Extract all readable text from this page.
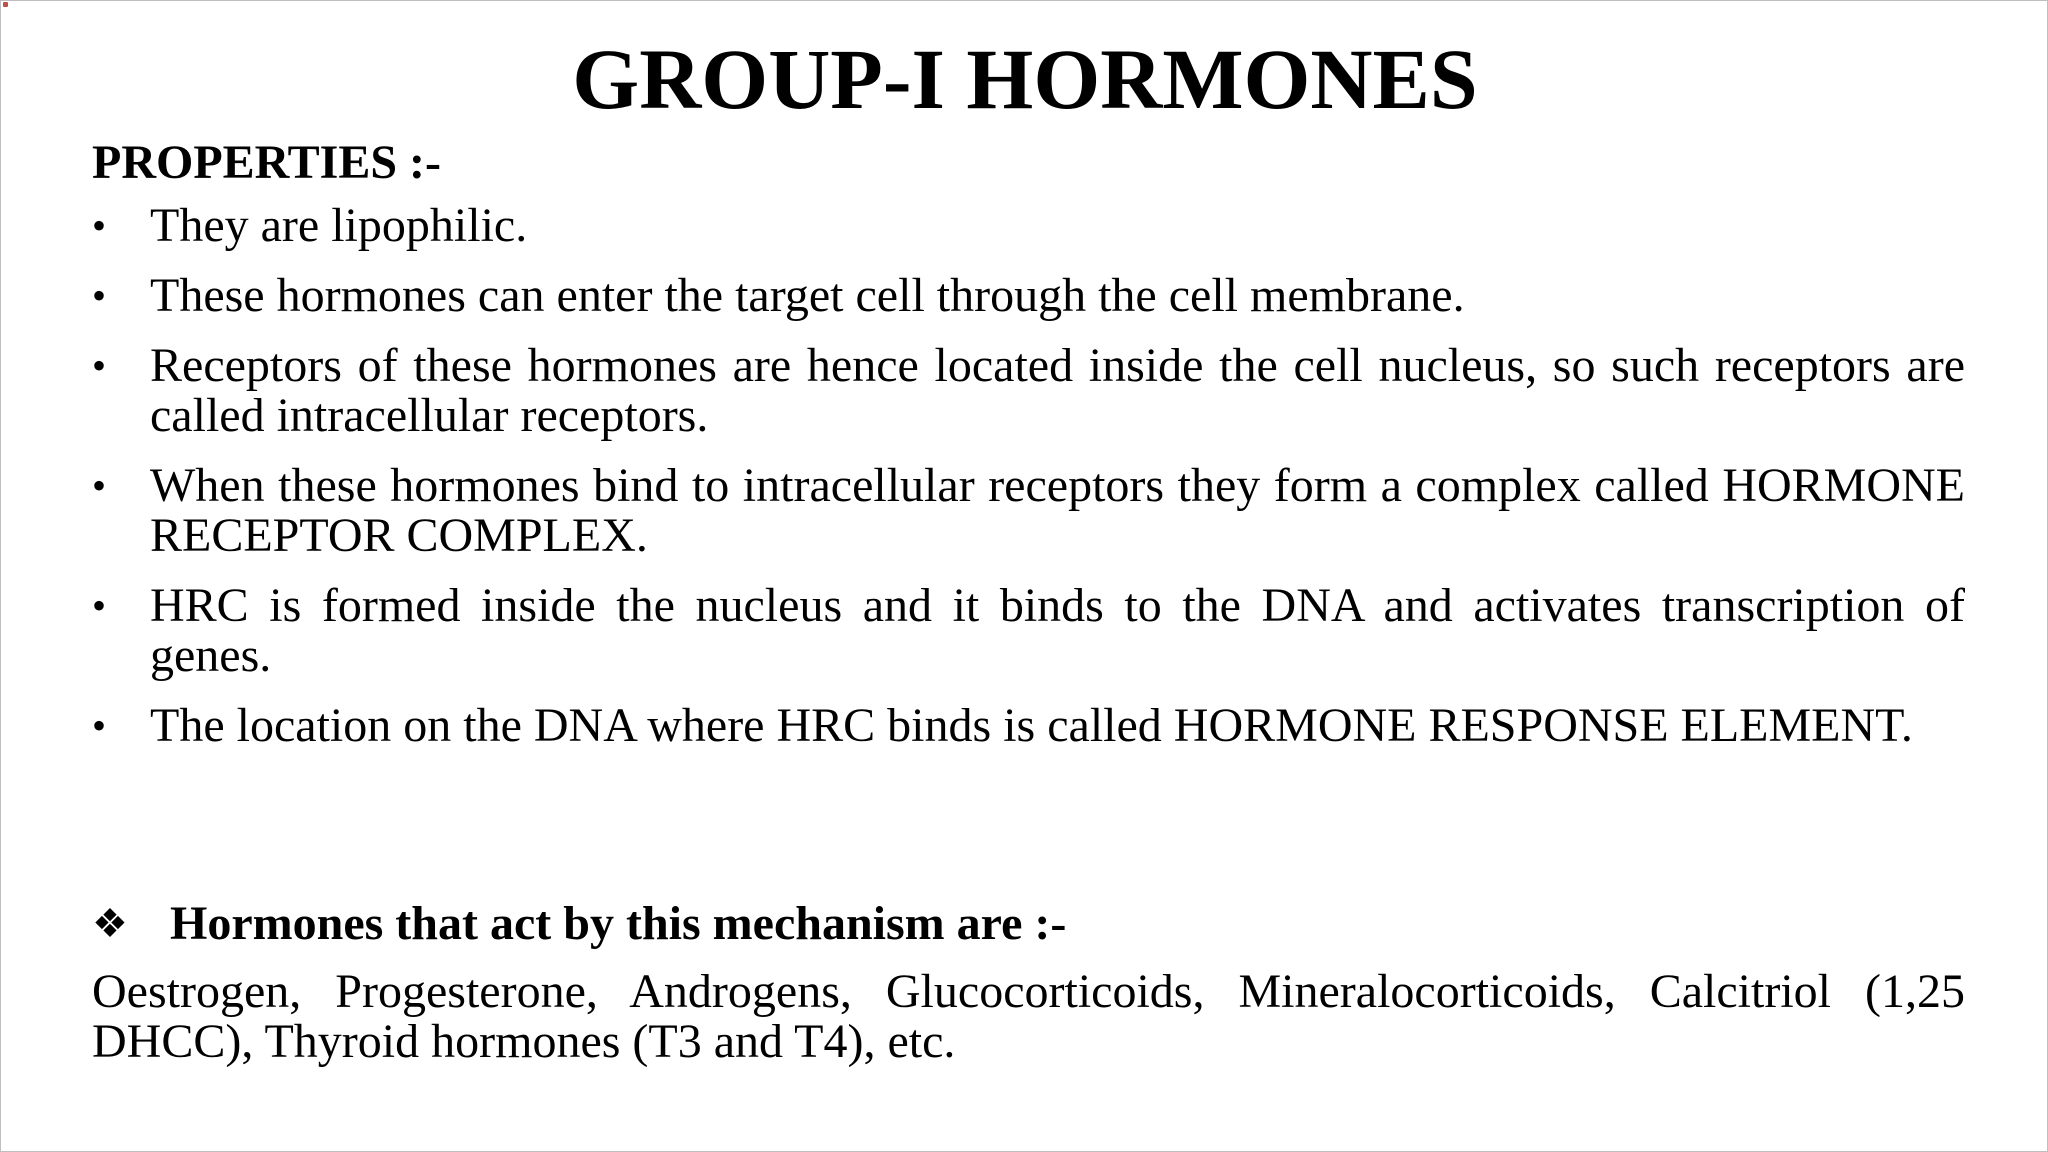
GROUP-I HORMONES
PROPERTIES :-
• They are lipophilic.
• These hormones can enter the target cell through the cell membrane.
• Receptors of these hormones are hence located inside the cell nucleus, so such receptors are called intracellular receptors.
• When these hormones bind to intracellular receptors they form a complex called HORMONE RECEPTOR COMPLEX.
• HRC is formed inside the nucleus and it binds to the DNA and activates transcription of genes.
• The location on the DNA where HRC binds is called HORMONE RESPONSE ELEMENT.
❖ Hormones that act by this mechanism are :-

Oestrogen, Progesterone, Androgens, Glucocorticoids, Mineralocorticoids, Calcitriol (1,25 DHCC), Thyroid hormones (T3 and T4), etc.
